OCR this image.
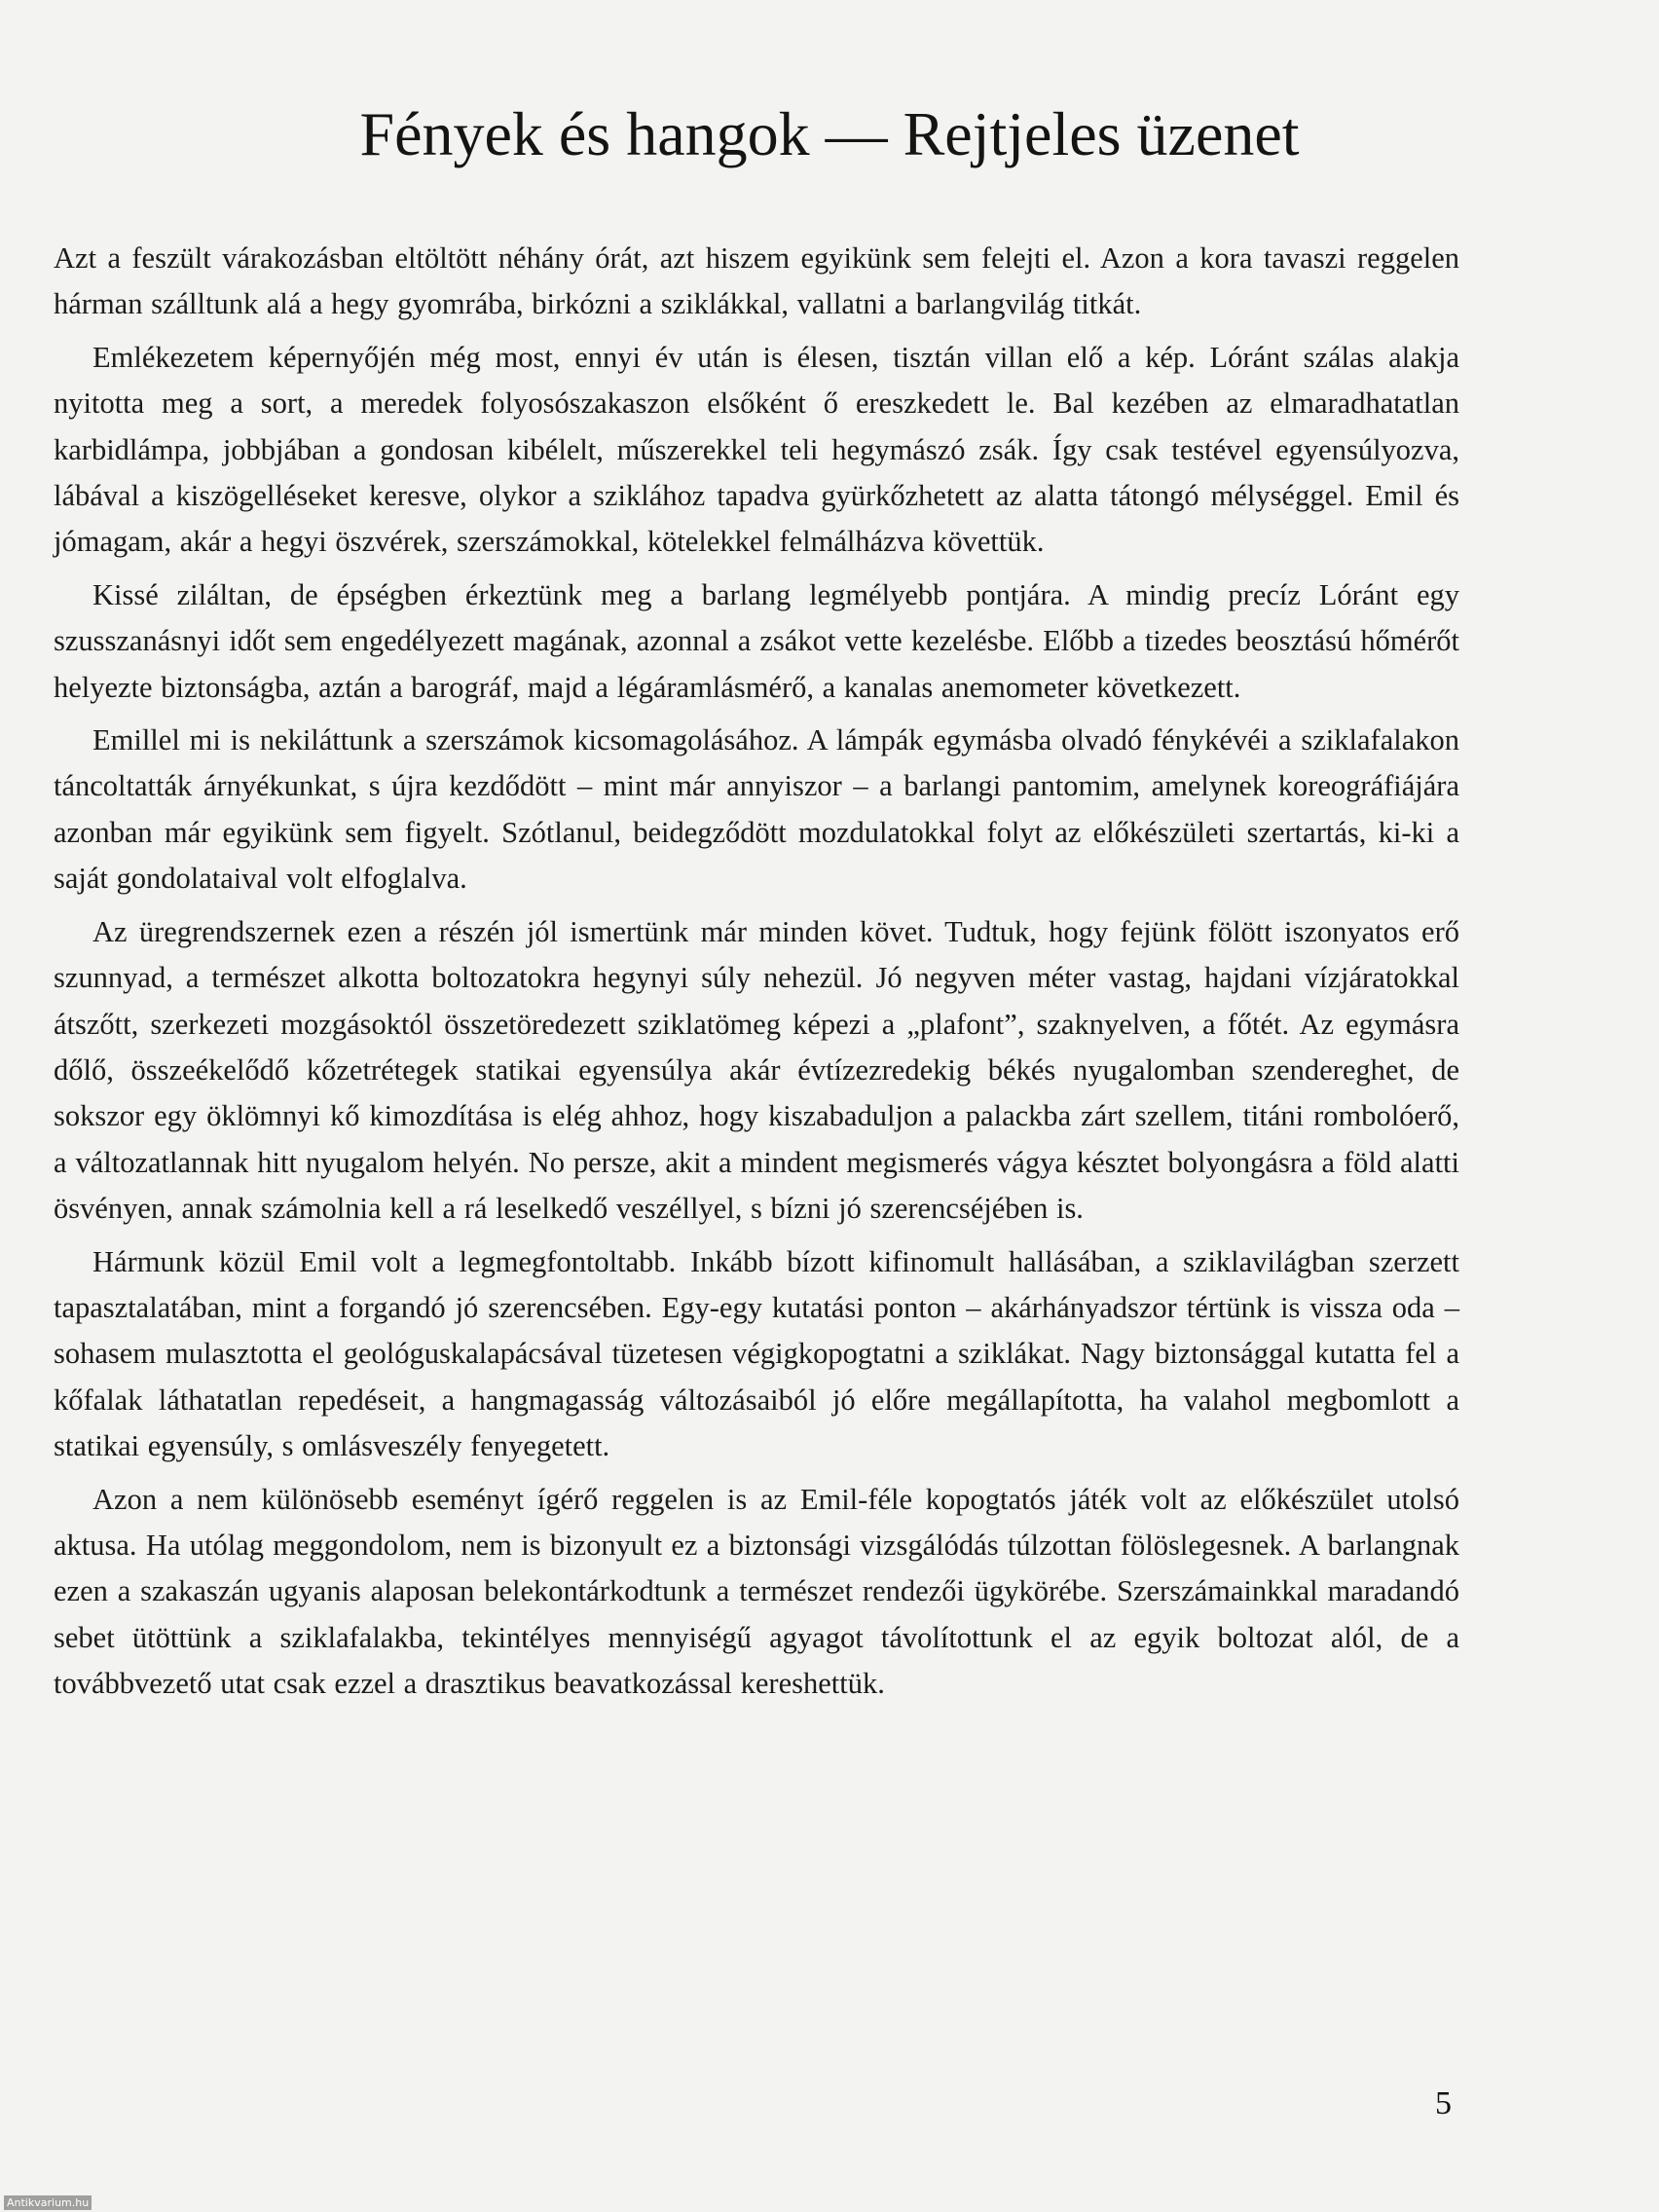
Fények és hangok — Rejtjeles üzenet

Azt a feszült várakozásban eltöltött néhány órát, azt hiszem egyikünk sem felejti el. Azon a kora tavaszi reggelen hárman szálltunk alá a hegy gyomrába, birkózni a sziklákkal, vallatni a barlangvilág titkát.

Emlékezetem képernyőjén még most, ennyi év után is élesen, tisztán villan elő a kép. Lóránt szálas alakja nyitotta meg a sort, a meredek folyosószakaszon elsőként ő ereszkedett le. Bal kezében az elmaradhatatlan karbidlámpa, jobbjában a gondosan kibélelt, műszerekkel teli hegymászó zsák. Így csak testével egyensúlyozva, lábával a kiszögelléseket keresve, olykor a sziklához tapadva gyürkőzhetett az alatta tátongó mélységgel. Emil és jómagam, akár a hegyi öszvérek, szerszámokkal, kötelekkel felmálházva követtük.

Kissé ziláltan, de épségben érkeztünk meg a barlang legmélyebb pontjára. A mindig precíz Lóránt egy szusszanásnyi időt sem engedélyezett magának, azonnal a zsákot vette kezelésbe. Előbb a tizedes beosztású hőmérőt helyezte biztonságba, aztán a barográf, majd a légáramlásmérő, a kanalas anemometer következett.

Emillel mi is nekiláttunk a szerszámok kicsomagolásához. A lámpák egymásba olvadó fénykévéi a sziklafalakon táncoltatták árnyékunkat, s újra kezdődött – mint már annyiszor – a barlangi pantomim, amelynek koreográfiájára azonban már egyikünk sem figyelt. Szótlanul, beidegződött mozdulatokkal folyt az előkészületi szertartás, ki-ki a saját gondolataival volt elfoglalva.

Az üregrendszernek ezen a részén jól ismertünk már minden követ. Tudtuk, hogy fejünk fölött iszonyatos erő szunnyad, a természet alkotta boltozatokra hegynyi súly nehezül. Jó negyven méter vastag, hajdani vízjáratokkal átszőtt, szerkezeti mozgásoktól összetöredezett sziklatömeg képezi a „plafont”, szaknyelven, a főtét. Az egymásra dőlő, összeékelődő kőzetrétegek statikai egyensúlya akár évtízezredekig békés nyugalomban szendereghet, de sokszor egy öklömnyi kő kimozdítása is elég ahhoz, hogy kiszabaduljon a palackba zárt szellem, titáni rombolóerő, a változatlannak hitt nyugalom helyén. No persze, akit a mindent megismerés vágya késztet bolyongásra a föld alatti ösvényen, annak számolnia kell a rá leselkedő veszéllyel, s bízni jó szerencséjében is.

Hármunk közül Emil volt a legmegfontoltabb. Inkább bízott kifinomult hallásában, a sziklavilágban szerzett tapasztalatában, mint a forgandó jó szerencsében. Egy-egy kutatási ponton – akárhányadszor tértünk is vissza oda – sohasem mulasztotta el geológuskalapácsával tüzetesen végigkopogtatni a sziklákat. Nagy biztonsággal kutatta fel a kőfalak láthatatlan repedéseit, a hangmagasság változásaiból jó előre megállapította, ha valahol megbomlott a statikai egyensúly, s omlásveszély fenyegetett.

Azon a nem különösebb eseményt ígérő reggelen is az Emil-féle kopogtatós játék volt az előkészület utolsó aktusa. Ha utólag meggondolom, nem is bizonyult ez a biztonsági vizsgálódás túlzottan fölöslegesnek. A barlangnak ezen a szakaszán ugyanis alaposan belekontárkodtunk a természet rendezői ügykörébe. Szerszámainkkal maradandó sebet ütöttünk a sziklafalakba, tekintélyes mennyiségű agyagot távolítottunk el az egyik boltozat alól, de a továbbvezető utat csak ezzel a drasztikus beavatkozással kereshettük.

5
Antikvarium.hu
